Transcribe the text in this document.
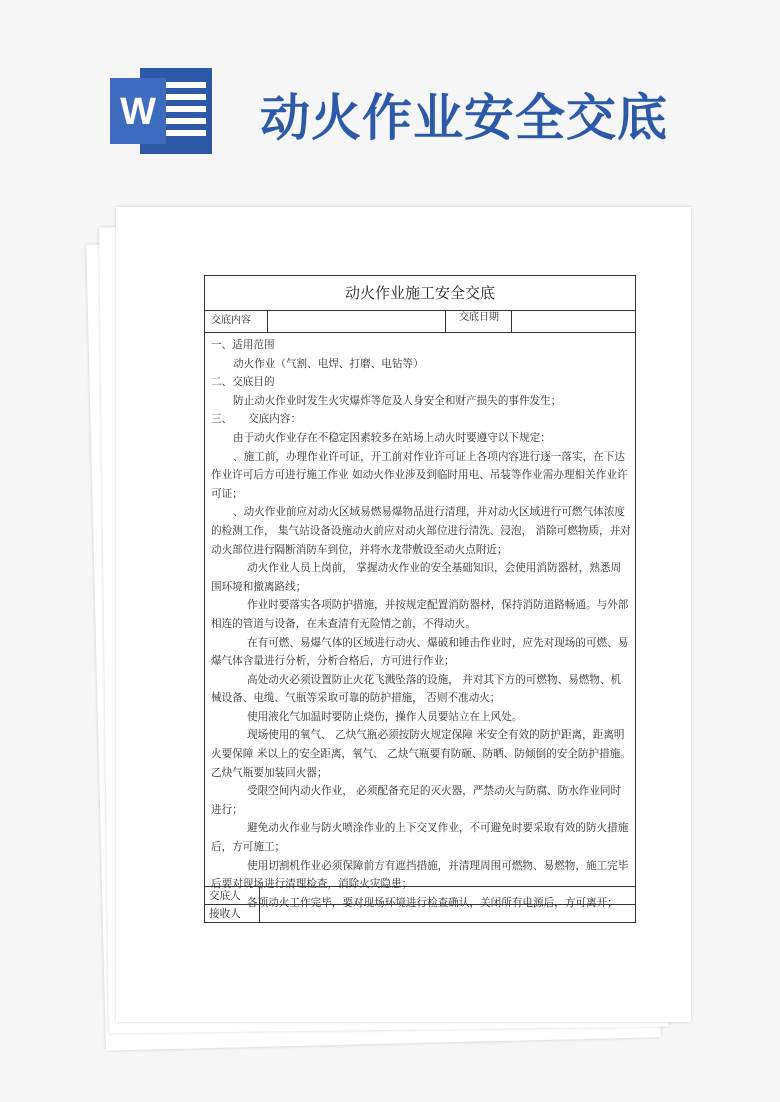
W 动火作业安全交底
动火作业施工安全交底
交底内容	交底日期

一、适用范围

动火作业（气割、电焊、打磨、电钻等）

二、交底目的

防止动火作业时发生火灾爆炸等危及人身安全和财产损失的事件发生；

三、　　交底内容：

由于动火作业存在不稳定因素较多在站场上动火时要遵守以下规定：

、施工前，办理作业许可证，开工前对作业许可证上各项内容进行逐一落实，在下达作业许可后方可进行施工作业 如动火作业涉及到临时用电、吊装等作业需办理相关作业许可证；

、动火作业前应对动火区域易燃易爆物品进行清理，并对动火区域进行可燃气体浓度的检测工作， 集气站设备设施动火前应对动火部位进行清洗、浸泡， 消除可燃物质，并对动火部位进行隔断消防车到位，并将水龙带敷设至动火点附近；

动火作业人员上岗前， 掌握动火作业的安全基础知识，会使用消防器材，熟悉周围环境和撤离路线；

作业时要落实各项防护措施，并按规定配置消防器材，保持消防道路畅通。与外部相连的管道与设备，在未查清有无险情之前，不得动火。

在有可燃、易爆气体的区域进行动火、爆破和锤击作业时，应先对现场的可燃、易爆气体含量进行分析，分析合格后，方可进行作业；

高处动火必须设置防止火花飞溅坠落的设施， 并对其下方的可燃物、易燃物、机械设备、电缆、气瓶等采取可靠的防护措施， 否则不准动火；

使用液化气加温时要防止烧伤，操作人员要站立在上风处。

现场使用的氧气、 乙炔气瓶必须按防火规定保障 米安全有效的防护距离，距离明火要保障 米以上的安全距离，氧气、 乙炔气瓶要有防砸、防晒、防倾倒的安全防护措施。乙炔气瓶要加装回火器；

受限空间内动火作业， 必须配备充足的灭火器，严禁动火与防腐、防水作业同时进行；

避免动火作业与防火喷涂作业的上下交叉作业，不可避免时要采取有效的防火措施后，方可施工；

使用切割机作业必须保障前方有遮挡措施，并清理周围可燃物、易燃物，施工完毕后要对现场进行清理检查，消除火灾隐患；

各项动火工作完毕，要对现场环境进行检查确认，关闭所有电源后，方可离开；

交底人
接收人
